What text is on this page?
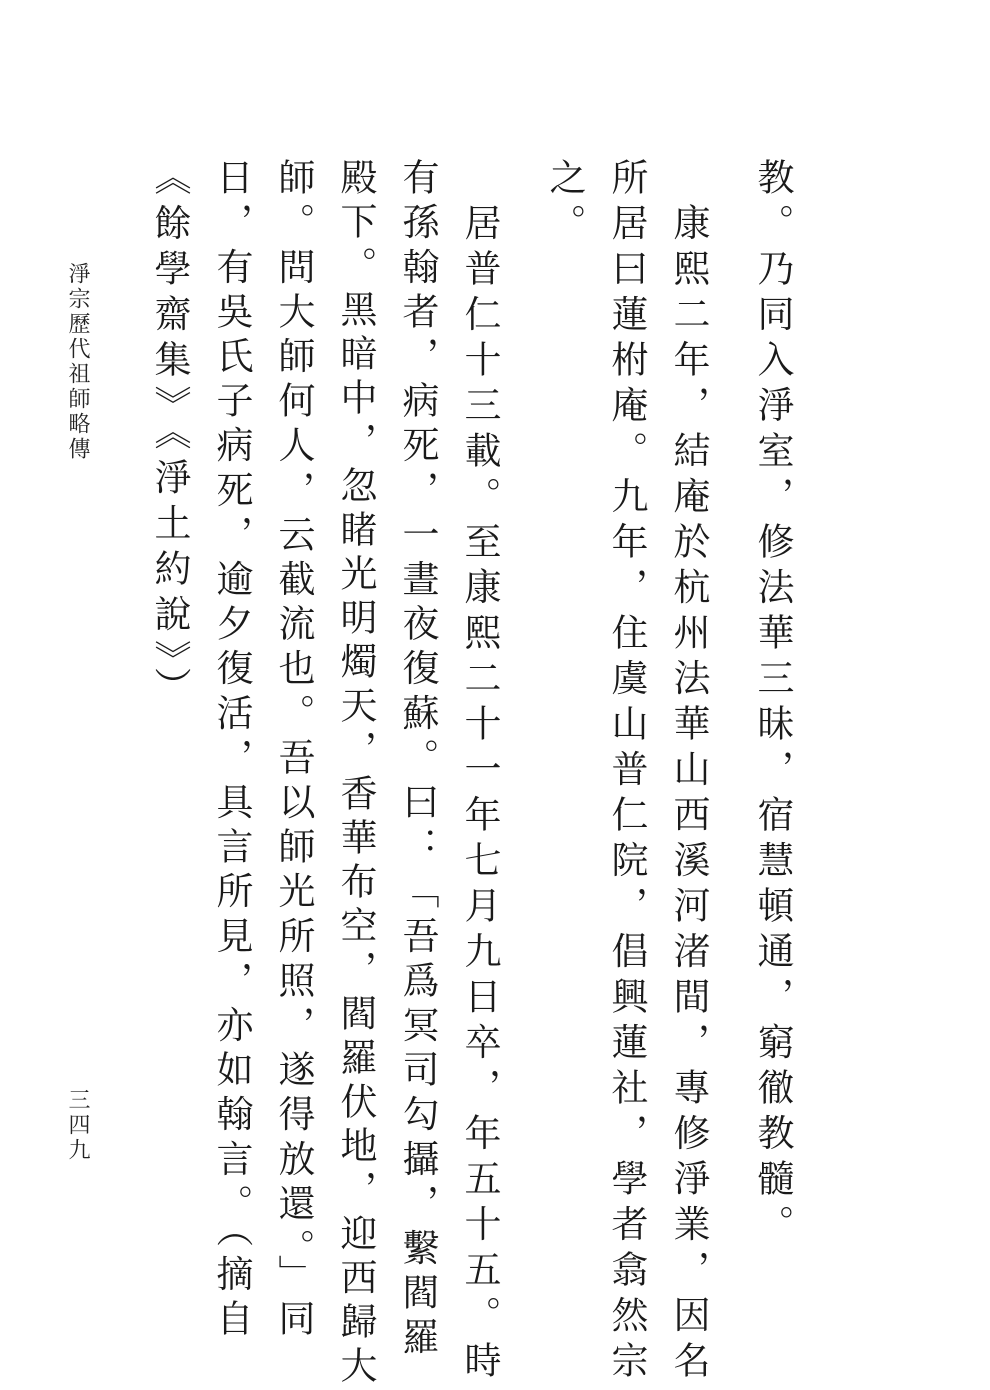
教。乃同入淨室，修法華三昧，宿慧頓通，窮徹教髓。
　康熙二年，結庵於杭州法華山西溪河渚間，專修淨業，因名
所居曰蓮柎庵。九年，住虞山普仁院，倡興蓮社，學者翕然宗
之。
　居普仁十三載。至康熙二十一年七月九日卒，年五十五。時
有孫翰者，病死，一晝夜復蘇。曰：「吾爲冥司勾攝，繫閻羅
殿下。黑暗中，忽睹光明燭天，香華布空，閻羅伏地，迎西歸大
師。問大師何人，云截流也。吾以師光所照，遂得放還。」同
日，有吳氏子病死，逾夕復活，具言所見，亦如翰言。（摘自
《餘學齋集》《淨土約說》）
淨宗歷代祖師略傳
三四九
